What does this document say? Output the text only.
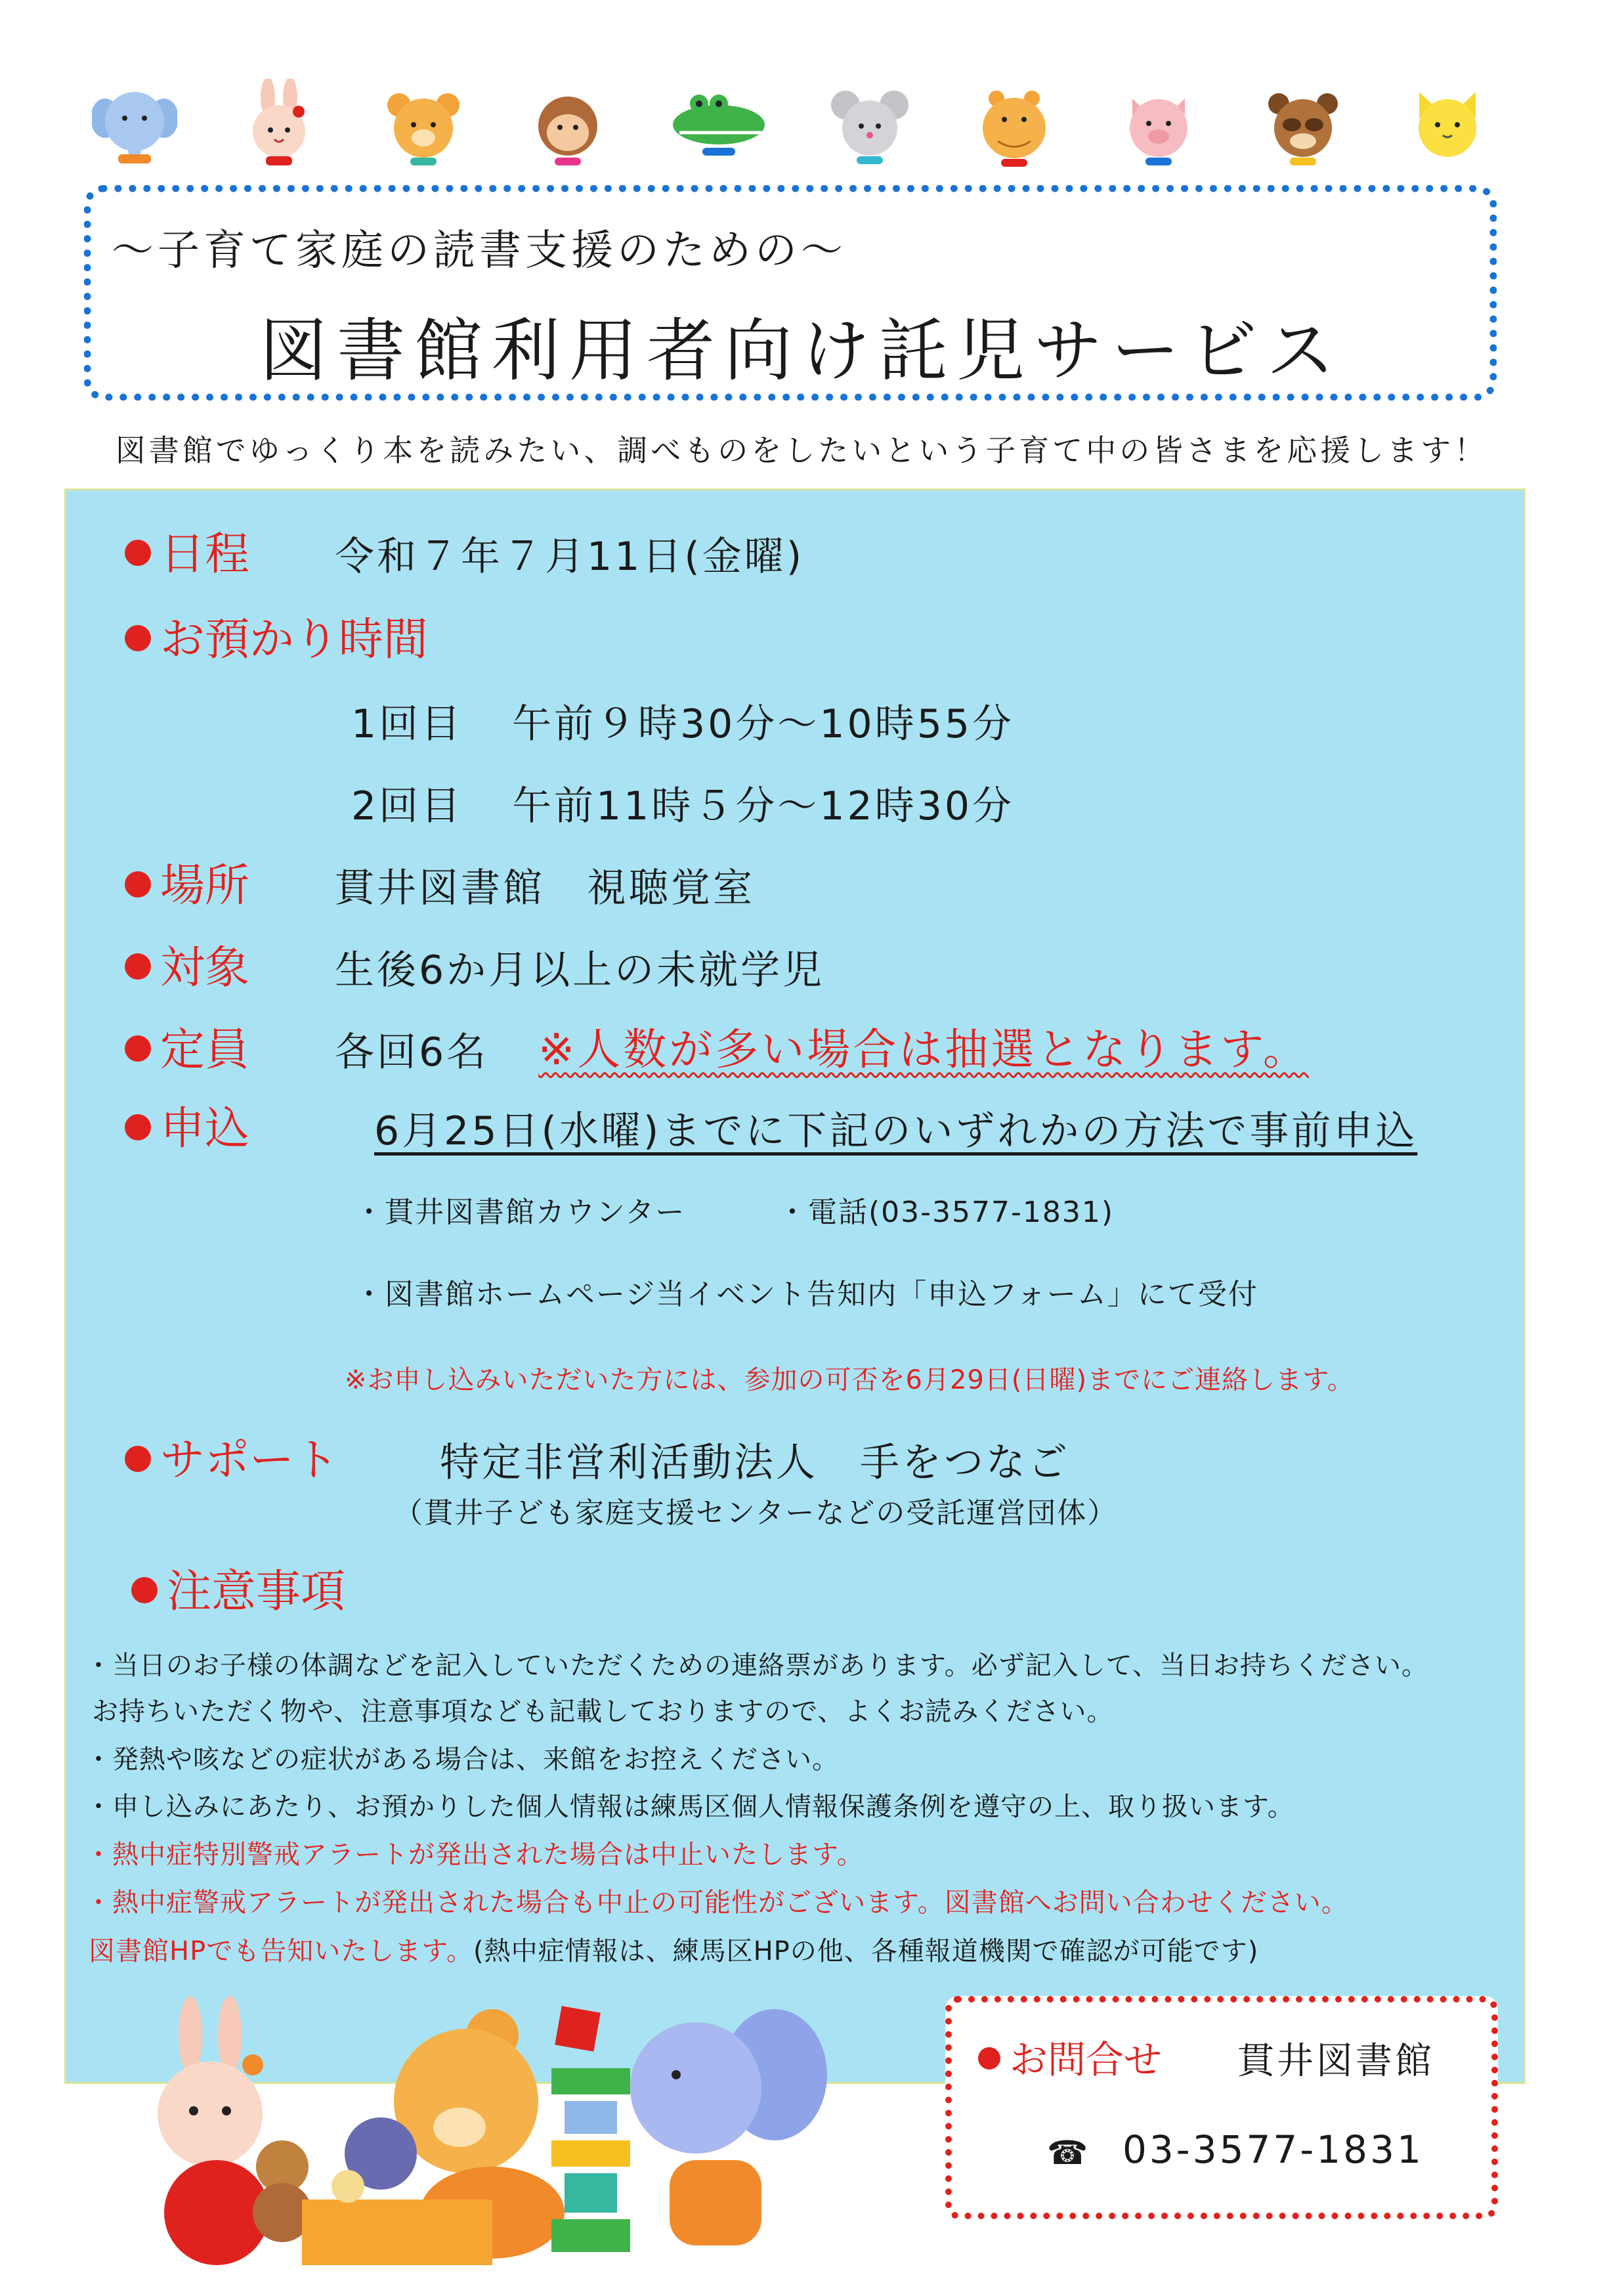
～子育て家庭の読書支援のための～
図書館利用者向け託児サービス
図書館でゆっくり本を読みたい、調べものをしたいという子育て中の皆さまを応援します！
日程 令和７年７月11日(金曜)
お預かり時間
1回目 午前９時30分～10時55分
2回目 午前11時５分～12時30分
場所 貫井図書館　視聴覚室
対象 生後6か月以上の未就学児
定員 各回6名 ※人数が多い場合は抽選となります。
申込	6月25日(水曜)までに下記のいずれかの方法で事前申込
・貫井図書館カウンター	・電話(03-3577-1831)
・図書館ホームページ当イベント告知内「申込フォーム」にて受付
※お申し込みいただいた方には、参加の可否を6月29日(日曜)までにご連絡します。
サポート	特定非営利活動法人　手をつなご
（貫井子ども家庭支援センターなどの受託運営団体）
注意事項
・当日のお子様の体調などを記入していただくための連絡票があります。必ず記入して、当日お持ちください。
お持ちいただく物や、注意事項なども記載しておりますので、よくお読みください。
・発熱や咳などの症状がある場合は、来館をお控えください。
・申し込みにあたり、お預かりした個人情報は練馬区個人情報保護条例を遵守の上、取り扱います。
・熱中症特別警戒アラートが発出された場合は中止いたします。
・熱中症警戒アラートが発出された場合も中止の可能性がございます。図書館へお問い合わせください。
図書館HPでも告知いたします。(熱中症情報は、練馬区HPの他、各種報道機関で確認が可能です)
お問合せ 貫井図書館
☎ 03-3577-1831
